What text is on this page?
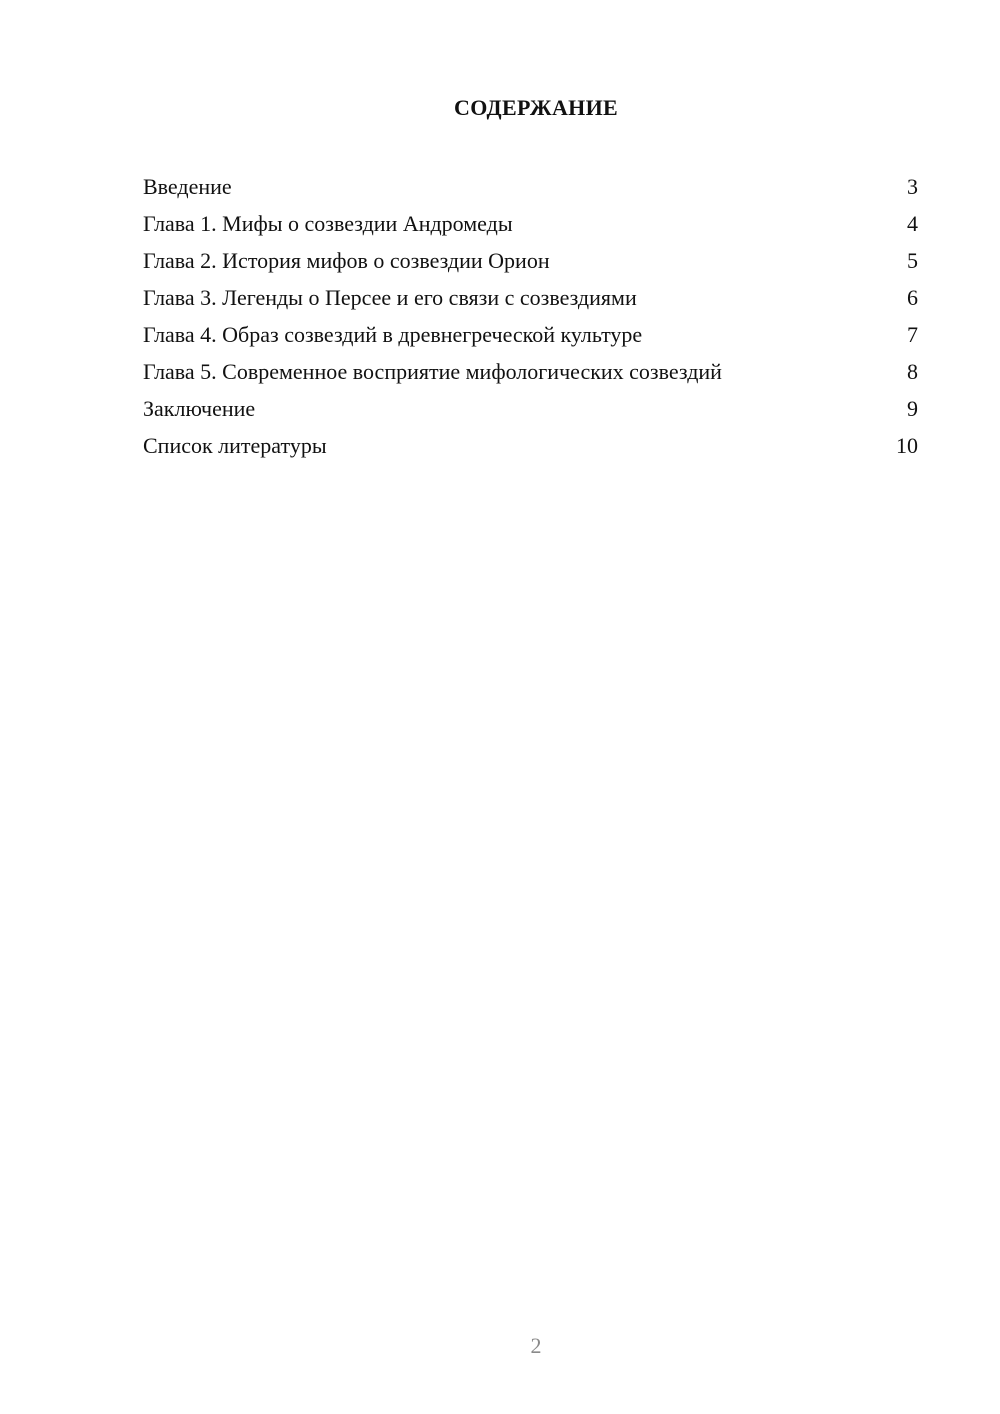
СОДЕРЖАНИЕ
Введение	3
Глава 1. Мифы о созвездии Андромеды	4
Глава 2. История мифов о созвездии Орион	5
Глава 3. Легенды о Персее и его связи с созвездиями	6
Глава 4. Образ созвездий в древнегреческой культуре	7
Глава 5. Современное восприятие мифологических созвездий	8
Заключение	9
Список литературы	10
2
